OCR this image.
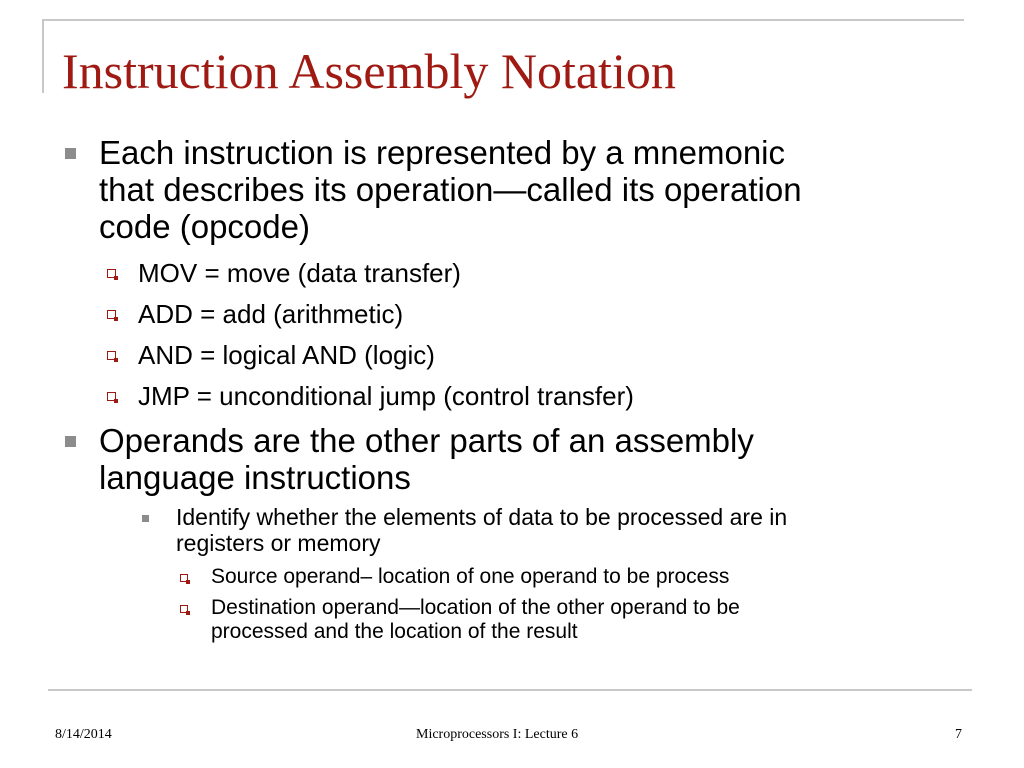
Instruction Assembly Notation
Each instruction is represented by a mnemonic
that describes its operation—called its operation
code (opcode)
MOV = move (data transfer)
ADD = add (arithmetic)
AND = logical AND (logic)
JMP = unconditional jump (control transfer)
Operands are the other parts of an assembly
language instructions
Identify whether the elements of data to be processed are in
registers or memory
Source operand– location of one operand to be process
Destination operand—location of the other operand to be
processed and the location of the result
8/14/2014	Microprocessors I: Lecture 6	7
